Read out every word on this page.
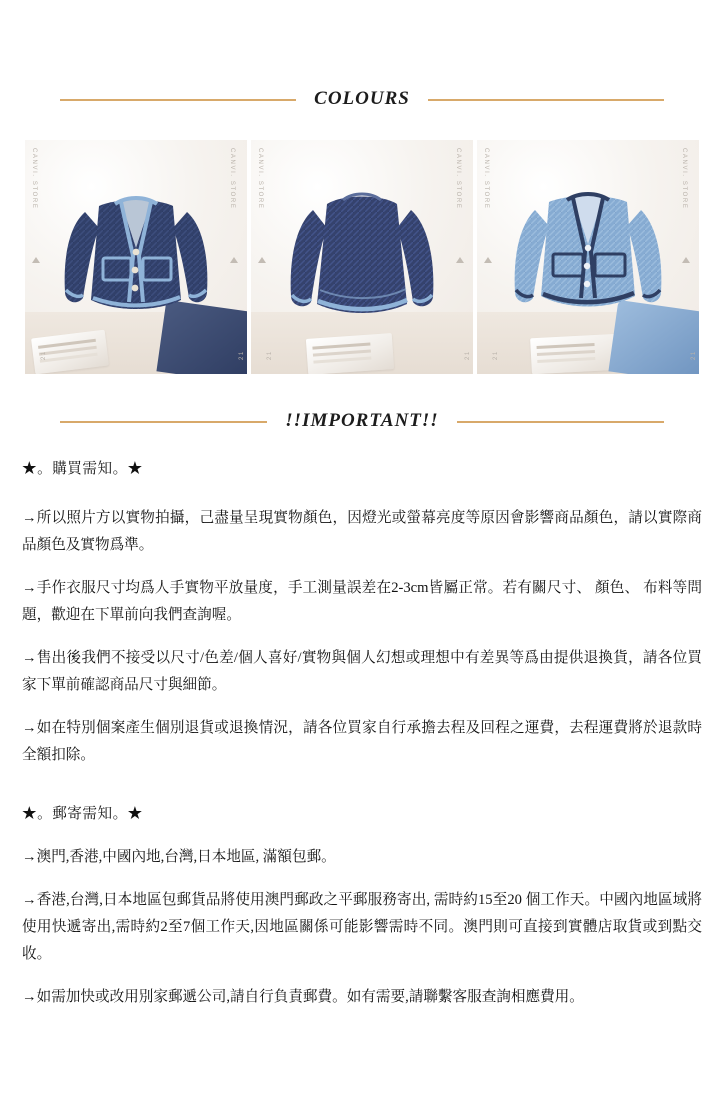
COLOURS
CANVI. STORE
21
CANVI. STORE
21
CANVI. STORE
21
CANVI. STORE
21
CANVI. STORE
21
CANVI. STORE
21
!!IMPORTANT!!

★。購買需知。★

→所以照片方以實物拍攝，己盡量呈現實物顏色，因燈光或螢幕亮度等原因會影響商品顏色，請以實際商品顏色及實物爲準。

→手作衣服尺寸均爲人手實物平放量度，手工測量誤差在2-3cm皆屬正常。若有關尺寸、 顏色、 布料等問題，歡迎在下單前向我們查詢喔。

→售出後我們不接受以尺寸/色差/個人喜好/實物與個人幻想或理想中有差異等爲由提供退換貨，請各位買家下單前確認商品尺寸與細節。

→如在特別個案產生個別退貨或退換情況，請各位買家自行承擔去程及回程之運費，去程運費將於退款時全額扣除。

★。郵寄需知。★

→澳門,香港,中國內地,台灣,日本地區, 滿額包郵。

→香港,台灣,日本地區包郵貨品將使用澳門郵政之平郵服務寄出, 需時約15至20 個工作天。中國內地區域將使用快遞寄出,需時約2至7個工作天,因地區關係可能影響需時不同。澳門則可直接到實體店取貨或到點交收。

→如需加快或改用別家郵遞公司,請自行負責郵費。如有需要,請聯繫客服查詢相應費用。
